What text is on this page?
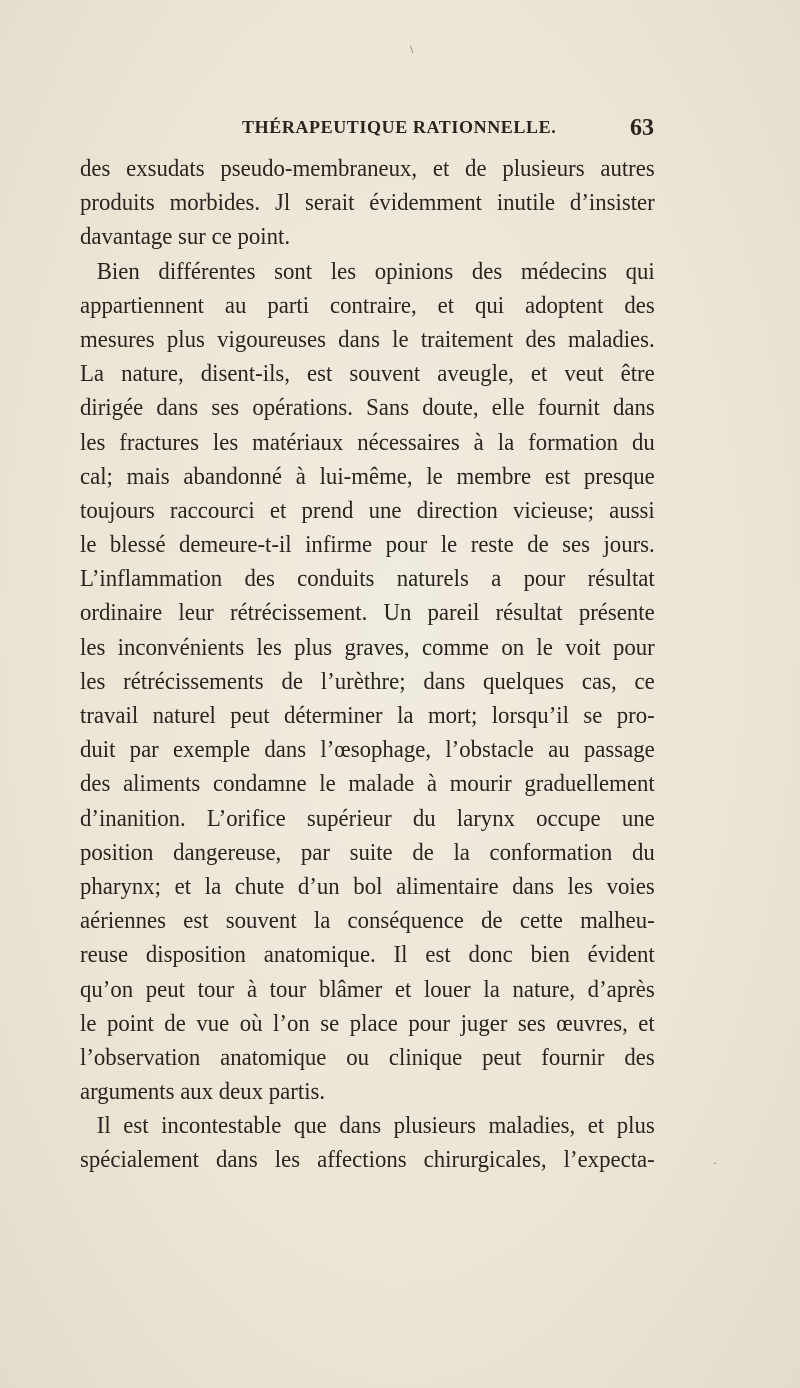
\
THÉRAPEUTIQUE RATIONNELLE.	63
des exsudats pseudo-membraneux, et de plusieurs autres
produits morbides. Jl serait évidemment inutile d’insister
davantage sur ce point.
Bien différentes sont les opinions des médecins qui
appartiennent au parti contraire, et qui adoptent des
mesures plus vigoureuses dans le traitement des maladies.
La nature, disent-ils, est souvent aveugle, et veut être
dirigée dans ses opérations. Sans doute, elle fournit dans
les fractures les matériaux nécessaires à la formation du
cal; mais abandonné à lui-même, le membre est presque
toujours raccourci et prend une direction vicieuse; aussi
le blessé demeure-t-il infirme pour le reste de ses jours.
L’inflammation des conduits naturels a pour résultat
ordinaire leur rétrécissement. Un pareil résultat présente
les inconvénients les plus graves, comme on le voit pour
les rétrécissements de l’urèthre; dans quelques cas, ce
travail naturel peut déterminer la mort; lorsqu’il se pro-
duit par exemple dans l’œsophage, l’obstacle au passage
des aliments condamne le malade à mourir graduellement
d’inanition. L’orifice supérieur du larynx occupe une
position dangereuse, par suite de la conformation du
pharynx; et la chute d’un bol alimentaire dans les voies
aériennes est souvent la conséquence de cette malheu-
reuse disposition anatomique. Il est donc bien évident
qu’on peut tour à tour blâmer et louer la nature, d’après
le point de vue où l’on se place pour juger ses œuvres, et
l’observation anatomique ou clinique peut fournir des
arguments aux deux partis.
Il est incontestable que dans plusieurs maladies, et plus
spécialement dans les affections chirurgicales, l’expecta-	·
